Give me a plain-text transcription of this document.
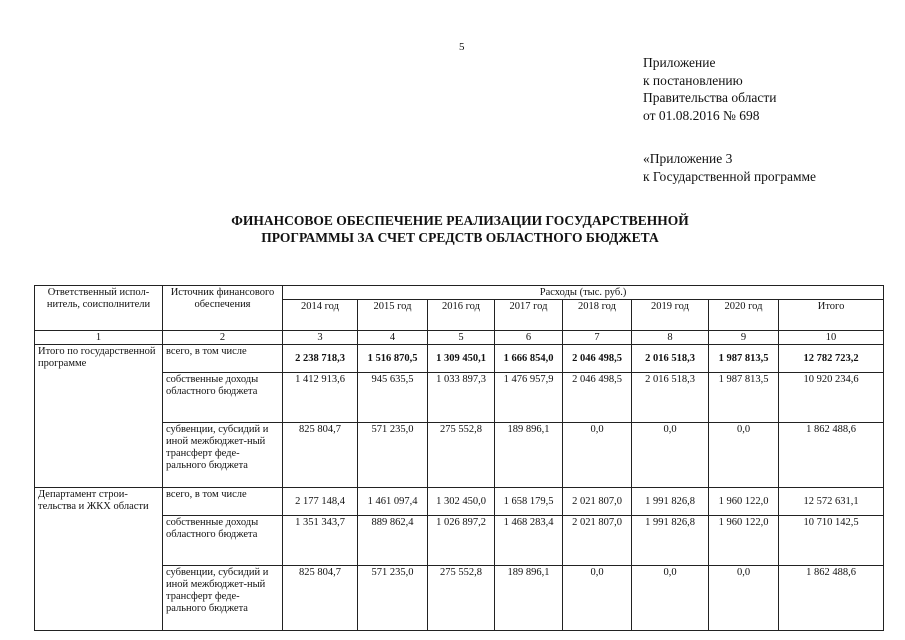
5
Приложение
к постановлению
Правительства области
от 01.08.2016 № 698
«Приложение 3
к Государственной программе
ФИНАНСОВОЕ ОБЕСПЕЧЕНИЕ РЕАЛИЗАЦИИ ГОСУДАРСТВЕННОЙ
ПРОГРАММЫ ЗА СЧЕТ СРЕДСТВ ОБЛАСТНОГО БЮДЖЕТА
Ответственный испол-нитель, соисполнители	Источник финансового обеспечения	Расходы (тыс. руб.)							
		2014 год	2015 год	2016 год	2017 год	2018 год	2019 год	2020 год	Итого
1	2	3	4	5	6	7	8	9	10
Итого по государственной программе	всего, в том числе	2 238 718,3	1 516 870,5	1 309 450,1	1 666 854,0	2 046 498,5	2 016 518,3	1 987 813,5	12 782 723,2
	собственные доходы областного бюджета	1 412 913,6	945 635,5	1 033 897,3	1 476 957,9	2 046 498,5	2 016 518,3	1 987 813,5	10 920 234,6
	субвенции, субсидий и иной межбюджет-ный трансферт феде-рального бюджета	825 804,7	571 235,0	275 552,8	189 896,1	0,0	0,0	0,0	1 862 488,6
Департамент строи-тельства и ЖКХ области	всего, в том числе	2 177 148,4	1 461 097,4	1 302 450,0	1 658 179,5	2 021 807,0	1 991 826,8	1 960 122,0	12 572 631,1
	собственные доходы областного бюджета	1 351 343,7	889 862,4	1 026 897,2	1 468 283,4	2 021 807,0	1 991 826,8	1 960 122,0	10 710 142,5
	субвенции, субсидий и иной межбюджет-ный трансферт феде-рального бюджета	825 804,7	571 235,0	275 552,8	189 896,1	0,0	0,0	0,0	1 862 488,6
